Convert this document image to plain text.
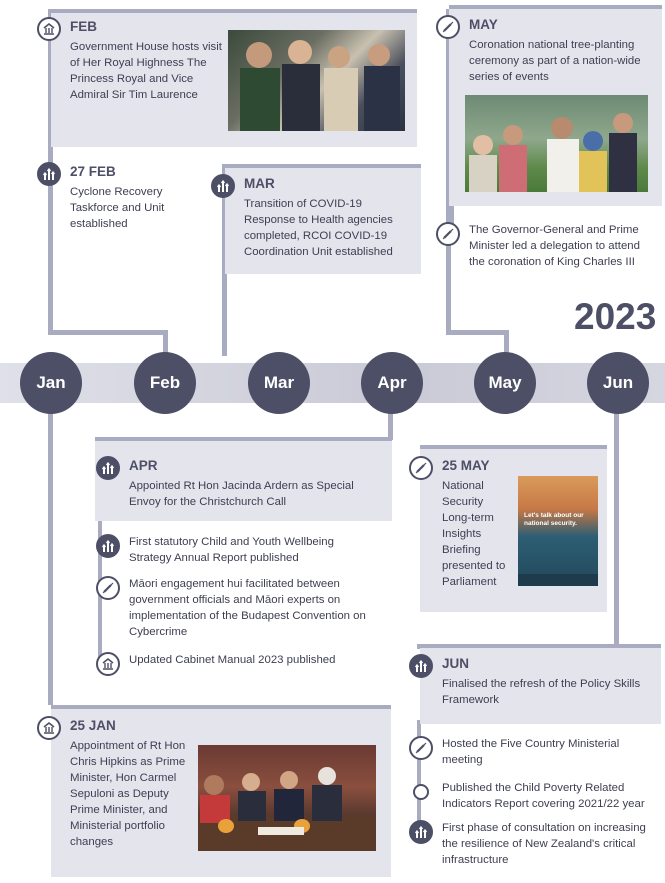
Jan	Feb	Mar	Apr	May	Jun
2023
FEB
Government House hosts visit of Her Royal Highness The Princess Royal and Vice Admiral Sir Tim Laurence
27 FEB
Cyclone Recovery Taskforce and Unit established
MAR
Transition of COVID-19 Response to Health agencies completed, RCOI COVID-19 Coordination Unit established
MAY
Coronation national tree-planting ceremony as part of a nation-wide series of events
The Governor-General and Prime Minister led a delegation to attend the coronation of King Charles III
APR
Appointed Rt Hon Jacinda Ardern as Special Envoy for the Christchurch Call
First statutory Child and Youth Wellbeing Strategy Annual Report published
Māori engagement hui facilitated between government officials and Māori experts on implementation of the Budapest Convention on Cybercrime
Updated Cabinet Manual 2023 published
25 MAY
National Security Long-term Insights Briefing presented to Parliament
Let's talk about our national security.
25 JAN
Appointment of Rt Hon Chris Hipkins as Prime Minister, Hon Carmel Sepuloni as Deputy Prime Minister, and Ministerial portfolio changes
JUN
Finalised the refresh of the Policy Skills Framework
Hosted the Five Country Ministerial meeting
Published the Child Poverty Related Indicators Report covering 2021/22 year
First phase of consultation on increasing the resilience of New Zealand's critical infrastructure
